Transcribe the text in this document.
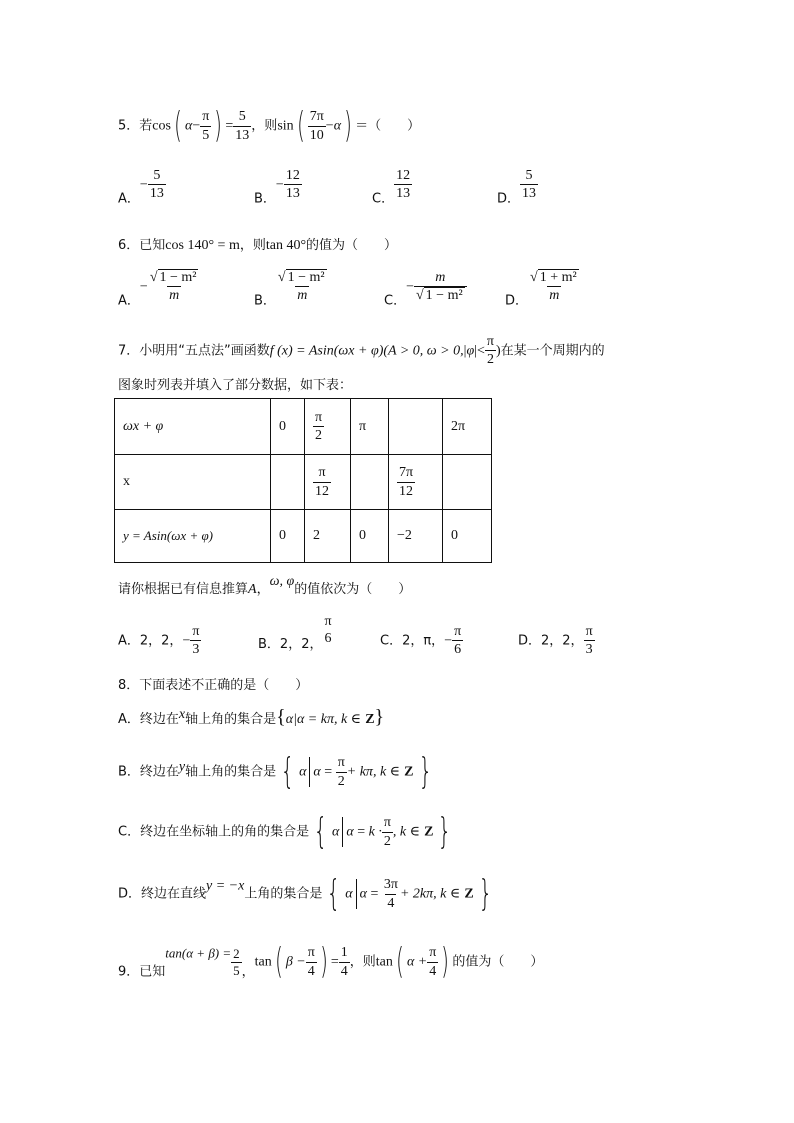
5．若cos( $\alpha- \frac{\pi}{5}$ ) = $\frac{5}{13}$ ，则$\sin( \frac{7\pi}{10} -\alpha)$ ＝（　　）
A．− $\frac{5}{13}$	B．− $\frac{12}{13}$	C． $\frac{12}{13}$	D． $\frac{5}{13}$
6．已知cos 140° = m，则tan 40°的值为（　　）
A．− $\frac{\text{√ 1 − m²}}{m}$	B． $\frac{\text{√ 1 − m²}}{m}$	C．− $\frac{m}{\text{√ 1 − m²}}$	D． $\frac{\text{√ 1 + m²}}{m}$
7．小明用“五点法”画函数f (x) = Asin(ωx + φ)(A > 0, $\omega > 0,|\varphi|< \frac{\pi}{2}$ )在某一个周期内的
图象时列表并填入了部分数据，如下表：
ωx + φ	0	$\frac{\pi}{2}$	π		2π
x		$\frac{\pi}{12}$		$\frac{7\pi}{12}$

y = Asin(ωx + φ)	0	2	0	−2	0
请你根据已有信息推算A，ω, φ的值依次为（　　）
A．2，2，− $\frac{\pi}{3}$	B．2，2，
π
6	C．2，π，− $\frac{\pi}{6}$	D．2，2， $\frac{\pi}{3}$
8．下面表述不正确的是（　　）
A．终边在x轴上角的集合是{α|α = kπ, k ∈ Z}
B．终边在y轴上角的集合是 { α $\alpha = \frac{\pi}{2} + k\pi$, k ∈ Z }
C．终边在坐标轴上的角的集合是 { α $\alpha = k \cdot \frac{\pi}{2}$ , k ∈ Z }
D．终边在直线y = −x上角的集合是 { α $\alpha = \frac{3\pi}{4} + 2k\pi$, k ∈ Z }
9．已知$\tan(\alpha + \beta) = \frac{2}{5}$ ，tan( $\beta - \frac{\pi}{4}$ ) = $\frac{1}{4}$ ，则tan( $\alpha + \frac{\pi}{4}$ ) 的值为（　　）
